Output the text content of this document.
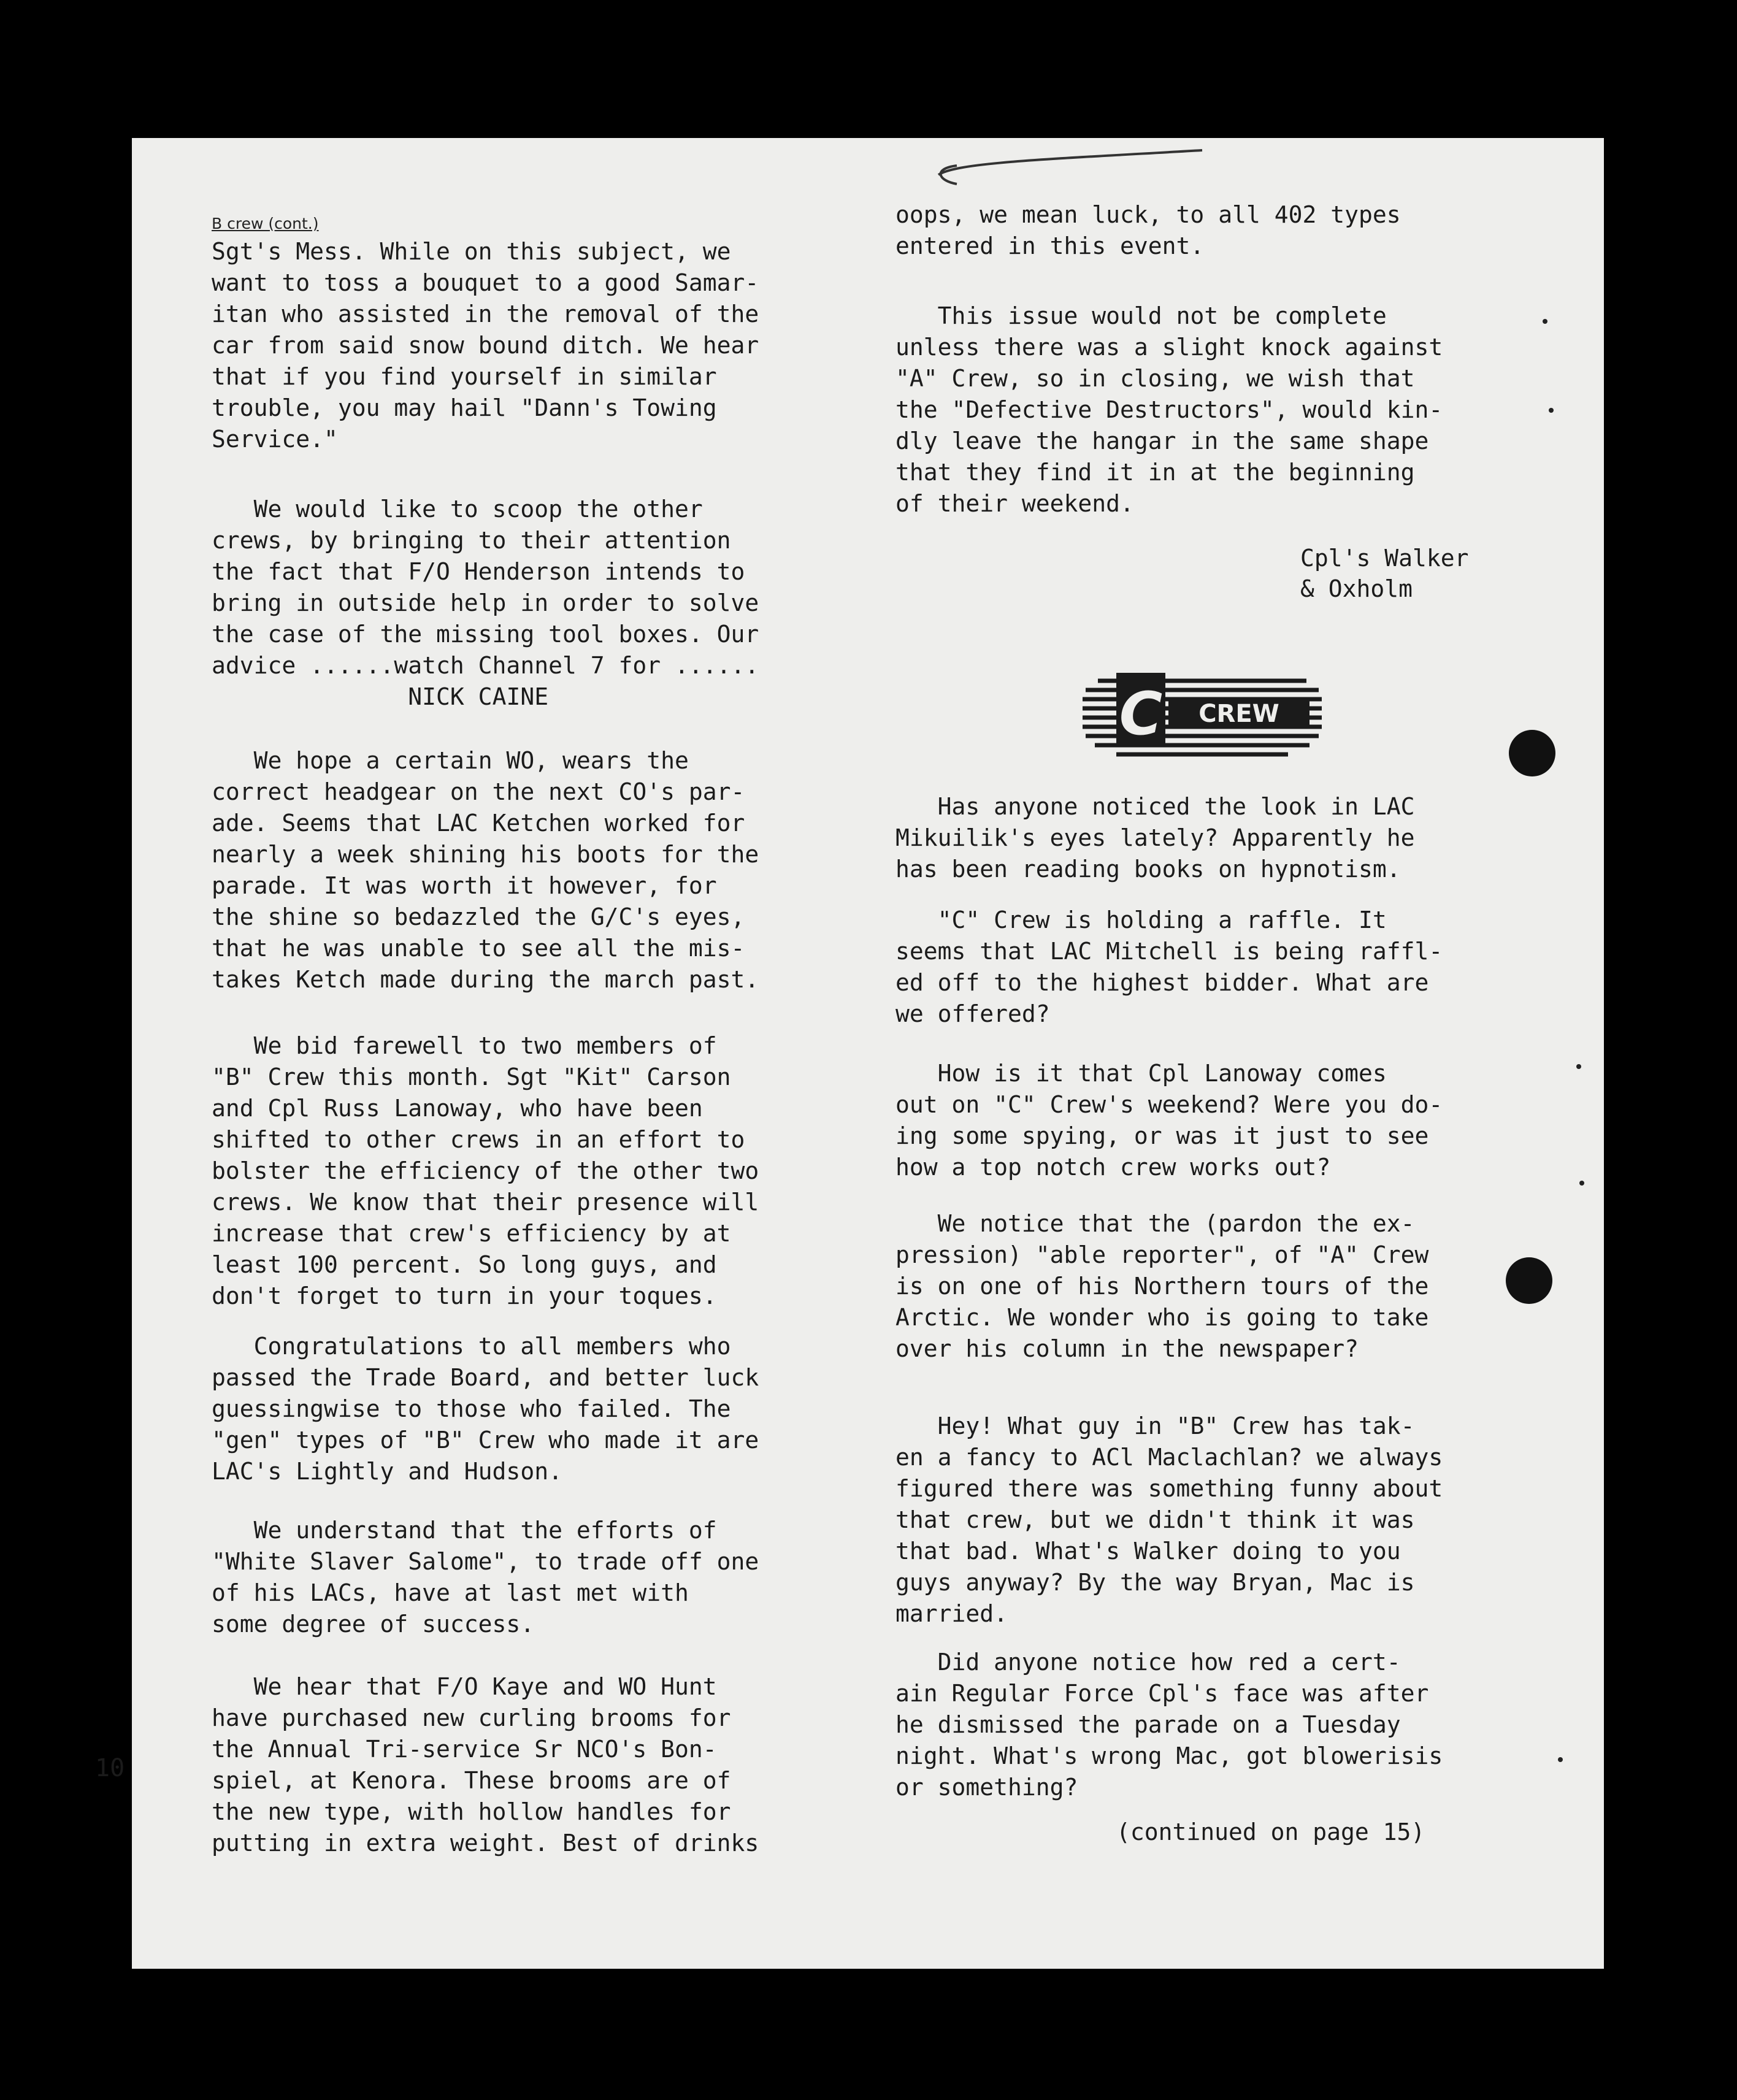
B crew (cont.)

Sgt's Mess. While on this subject, we
want to toss a bouquet to a good Samar-
itan who assisted in the removal of the
car from said snow bound ditch. We hear
that if you find yourself in similar
trouble, you may hail "Dann's Towing
Service."

We would like to scoop the other
crews, by bringing to their attention
the fact that F/O Henderson intends to
bring in outside help in order to solve
the case of the missing tool boxes. Our
advice ......watch Channel 7 for ......
NICK CAINE

We hope a certain WO, wears the
correct headgear on the next CO's par-
ade. Seems that LAC Ketchen worked for
nearly a week shining his boots for the
parade. It was worth it however, for
the shine so bedazzled the G/C's eyes,
that he was unable to see all the mis-
takes Ketch made during the march past.

We bid farewell to two members of
"B" Crew this month. Sgt "Kit" Carson
and Cpl Russ Lanoway, who have been
shifted to other crews in an effort to
bolster the efficiency of the other two
crews. We know that their presence will
increase that crew's efficiency by at
least 100 percent. So long guys, and
don't forget to turn in your toques.

Congratulations to all members who
passed the Trade Board, and better luck
guessingwise to those who failed. The
"gen" types of "B" Crew who made it are
LAC's Lightly and Hudson.

We understand that the efforts of
"White Slaver Salome", to trade off one
of his LACs, have at last met with
some degree of success.

We hear that F/O Kaye and WO Hunt
have purchased new curling brooms for
the Annual Tri-service Sr NCO's Bon-
spiel, at Kenora. These brooms are of
the new type, with hollow handles for
putting in extra weight. Best of drinks

oops, we mean luck, to all 402 types
entered in this event.

This issue would not be complete
unless there was a slight knock against
"A" Crew, so in closing, we wish that
the "Defective Destructors", would kin-
dly leave the hangar in the same shape
that they find it in at the beginning
of their weekend.

Cpl's Walker
& Oxholm

Has anyone noticed the look in LAC
Mikuilik's eyes lately? Apparently he
has been reading books on hypnotism.

"C" Crew is holding a raffle. It
seems that LAC Mitchell is being raffl-
ed off to the highest bidder. What are
we offered?

How is it that Cpl Lanoway comes
out on "C" Crew's weekend? Were you do-
ing some spying, or was it just to see
how a top notch crew works out?

We notice that the (pardon the ex-
pression) "able reporter", of "A" Crew
is on one of his Northern tours of the
Arctic. We wonder who is going to take
over his column in the newspaper?

Hey! What guy in "B" Crew has tak-
en a fancy to ACl Maclachlan? we always
figured there was something funny about
that crew, but we didn't think it was
that bad. What's Walker doing to you
guys anyway? By the way Bryan, Mac is
married.

Did anyone notice how red a cert-
ain Regular Force Cpl's face was after
he dismissed the parade on a Tuesday
night. What's wrong Mac, got blowerisis
or something?

(continued on page 15)
C CREW
10
